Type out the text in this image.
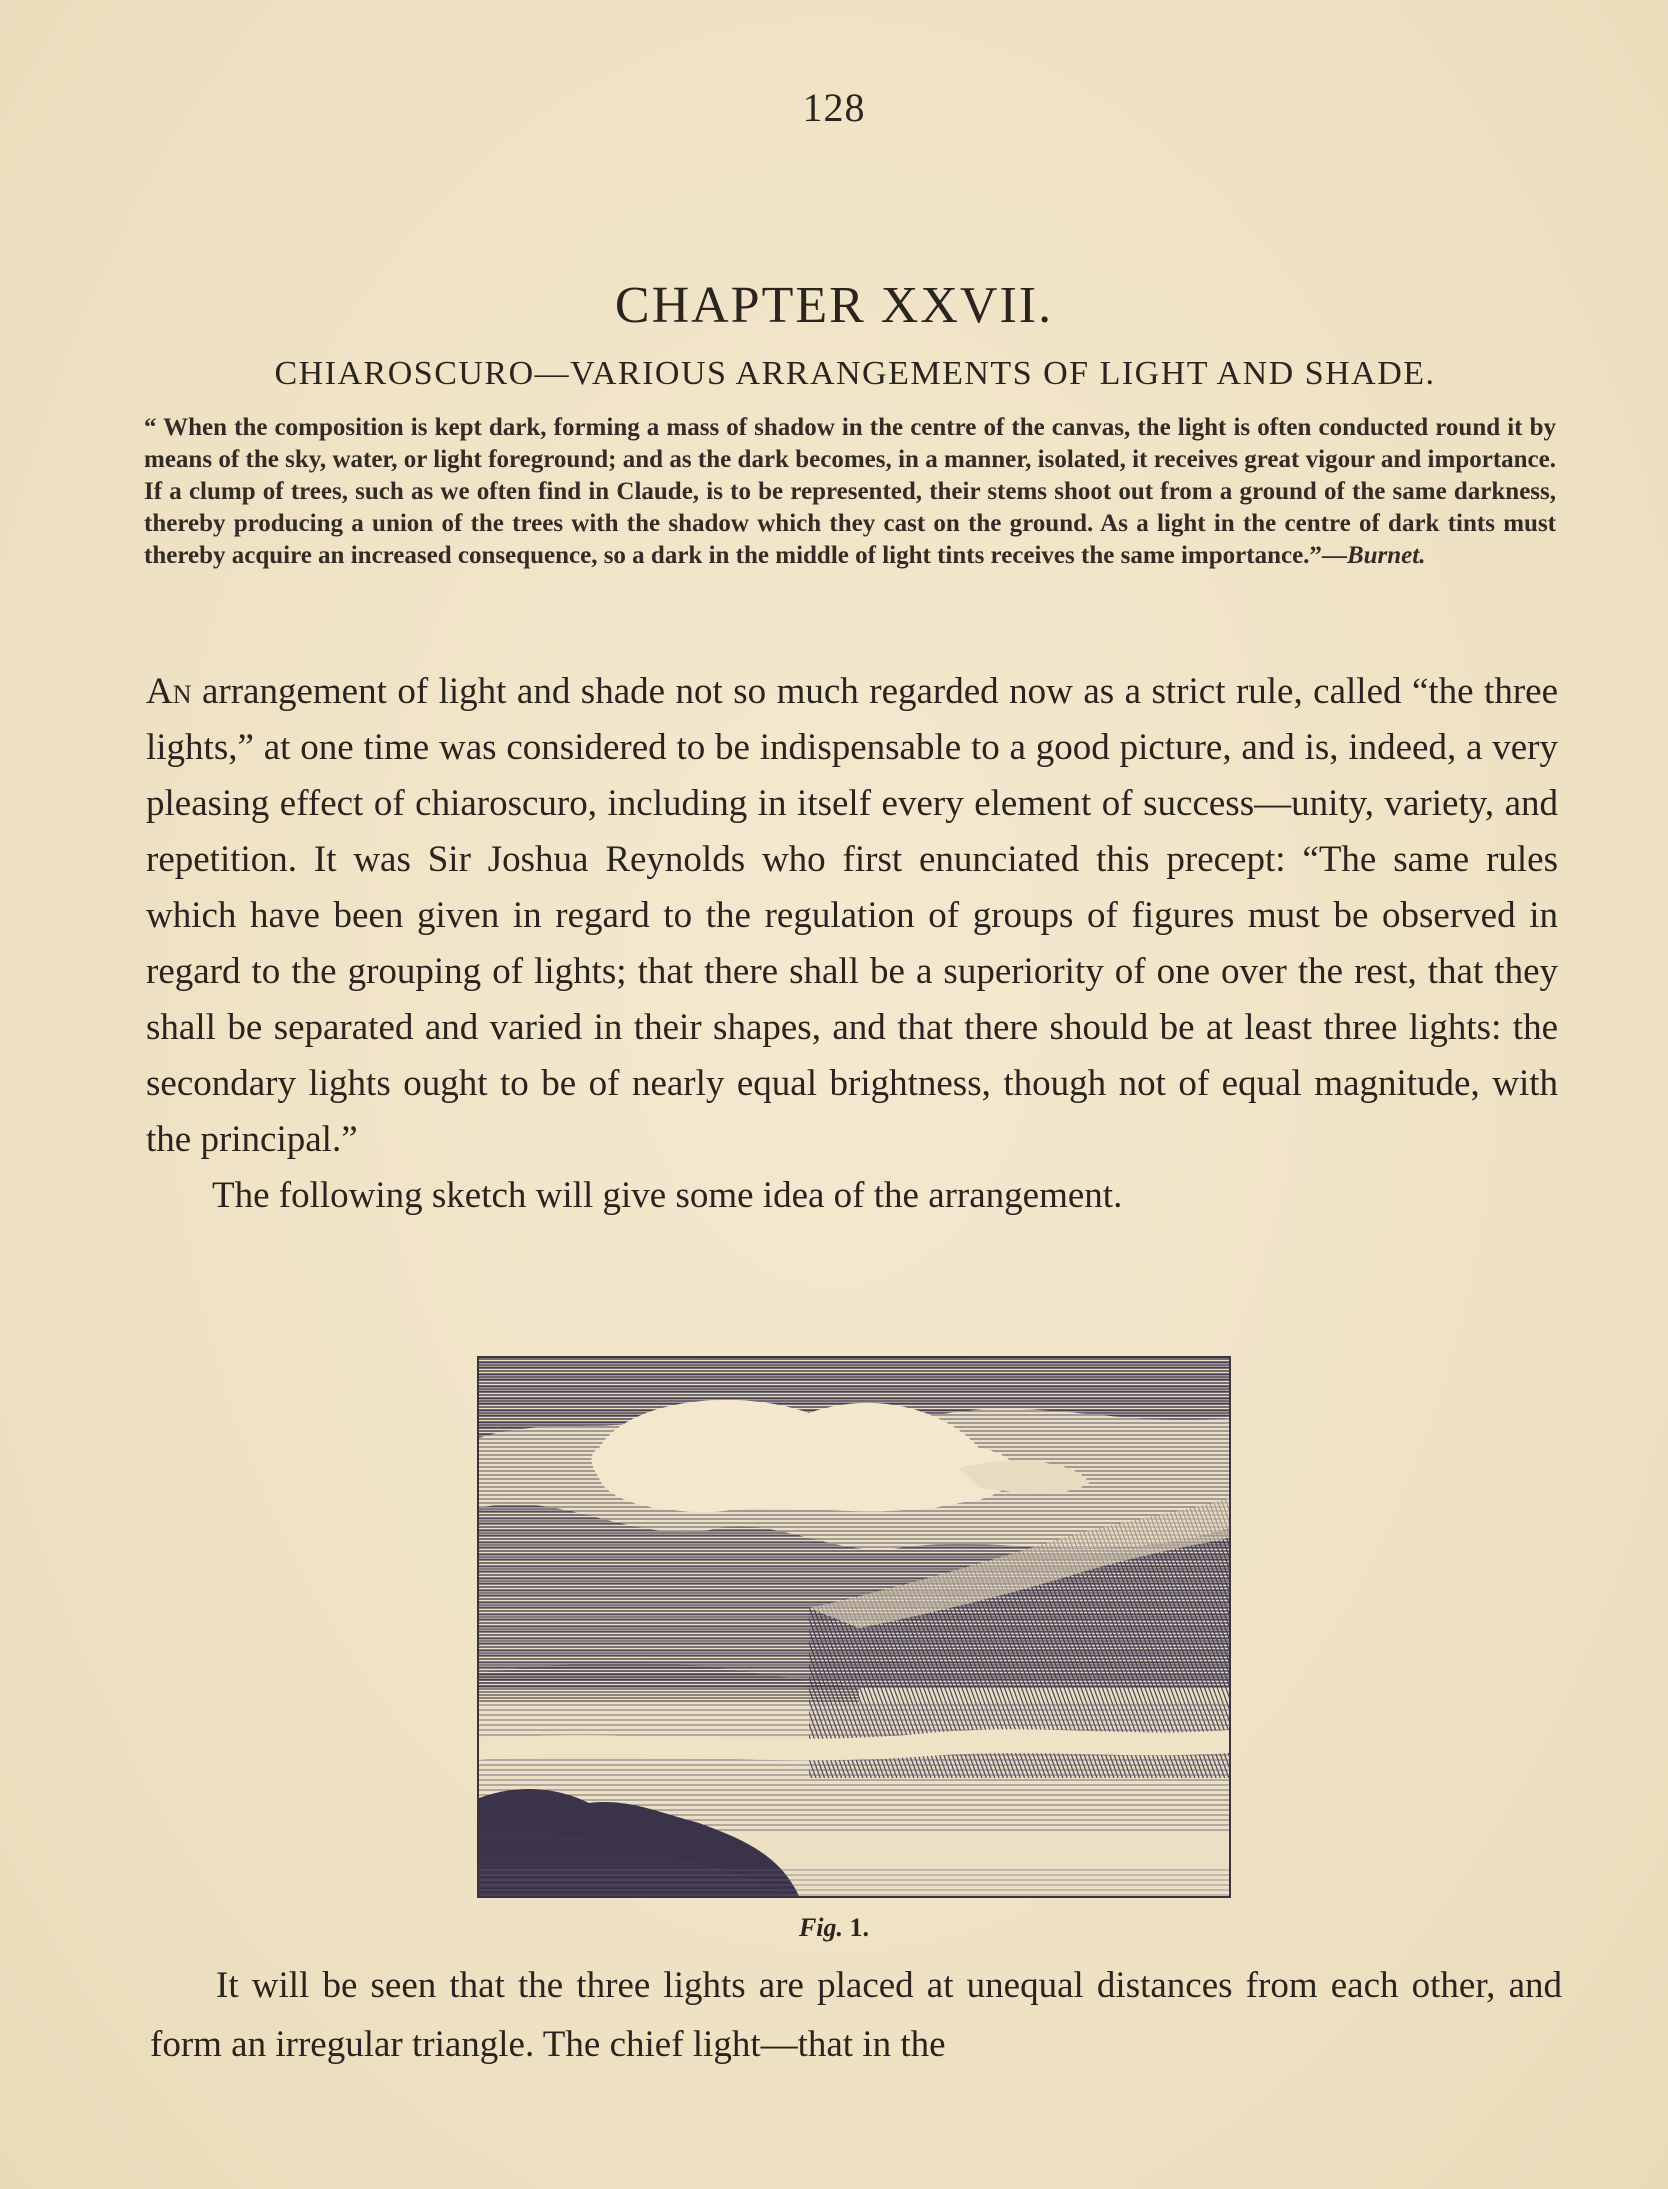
128
CHAPTER XXVII.
CHIAROSCURO—VARIOUS ARRANGEMENTS OF LIGHT AND SHADE.
“ When the composition is kept dark, forming a mass of shadow in the centre of the canvas, the light is often conducted round it by means of the sky, water, or light foreground; and as the dark becomes, in a manner, isolated, it receives great vigour and importance. If a clump of trees, such as we often find in Claude, is to be represented, their stems shoot out from a ground of the same darkness, thereby producing a union of the trees with the shadow which they cast on the ground. As a light in the centre of dark tints must thereby acquire an increased consequence, so a dark in the middle of light tints receives the same importance.”—Burnet.

An arrangement of light and shade not so much regarded now as a strict rule, called “the three lights,” at one time was considered to be indispensable to a good picture, and is, indeed, a very pleasing effect of chiaroscuro, including in itself every element of success—unity, variety, and repetition. It was Sir Joshua Reynolds who first enunciated this precept: “The same rules which have been given in regard to the regulation of groups of figures must be observed in regard to the grouping of lights; that there shall be a superiority of one over the rest, that they shall be separated and varied in their shapes, and that there should be at least three lights: the secondary lights ought to be of nearly equal brightness, though not of equal magnitude, with the principal.”

The following sketch will give some idea of the arrangement.

Fig. 1.

It will be seen that the three lights are placed at unequal distances from each other, and form an irregular triangle. The chief light—that in the
